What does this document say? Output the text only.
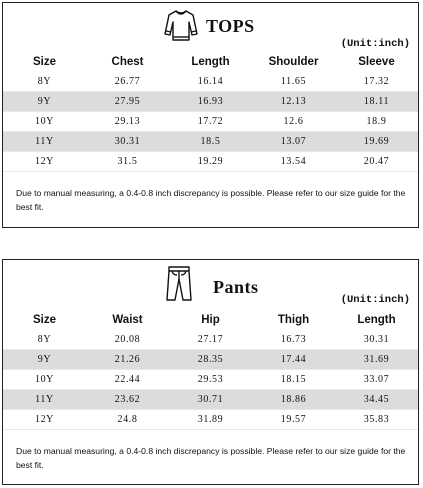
TOPS
(Unit:inch)
Size	Chest	Length	Shoulder	Sleeve
8Y	26.77	16.14	11.65	17.32
9Y	27.95	16.93	12.13	18.11
10Y	29.13	17.72	12.6	18.9
11Y	30.31	18.5	13.07	19.69
12Y	31.5	19.29	13.54	20.47
Due to manual measuring, a 0.4-0.8 inch discrepancy is possible. Please refer to our size guide for the best fit.
Pants
(Unit:inch)
Size	Waist	Hip	Thigh	Length
8Y	20.08	27.17	16.73	30.31
9Y	21.26	28.35	17.44	31.69
10Y	22.44	29.53	18.15	33.07
11Y	23.62	30.71	18.86	34.45
12Y	24.8	31.89	19.57	35.83
Due to manual measuring, a 0.4-0.8 inch discrepancy is possible. Please refer to our size guide for the best fit.
